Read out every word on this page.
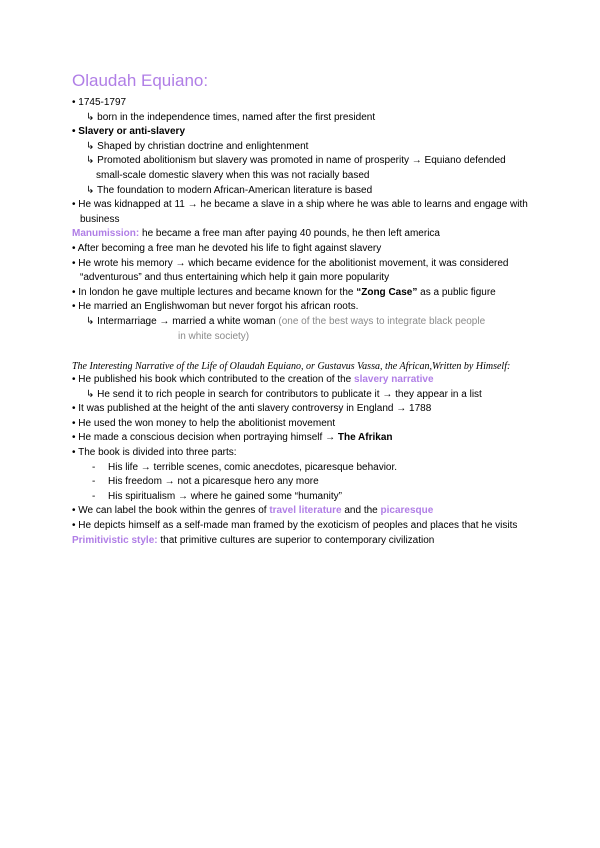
Olaudah Equiano:
• 1745-1797
↳ born in the independence times, named after the first president
• Slavery or anti-slavery
↳ Shaped by christian doctrine and enlightenment
↳ Promoted abolitionism but slavery was promoted in name of prosperity → Equiano defended small-scale domestic slavery when this was not racially based
↳ The foundation to modern African-American literature is based
• He was kidnapped at 11 → he became a slave in a ship where he was able to learns and engage with business
Manumission: he became a free man after paying 40 pounds, he then left america
• After becoming a free man he devoted his life to fight against slavery
• He wrote his memory → which became evidence for the abolitionist movement, it was considered “adventurous” and thus entertaining which help it gain more popularity
• In london he gave multiple lectures and became known for the “Zong Case” as a public figure
• He married an Englishwoman but never forgot his african roots.
↳ Intermarriage → married a white woman (one of the best ways to integrate black people
in white society)
The Interesting Narrative of the Life of Olaudah Equiano, or Gustavus Vassa, the African,Written by Himself:
• He published his book which contributed to the creation of the slavery narrative
↳ He send it to rich people in search for contributors to publicate it → they appear in a list
• It was published at the height of the anti slavery controversy in England → 1788
• He used the won money to help the abolitionist movement
• He made a conscious decision when portraying himself → The Afrikan
• The book is divided into three parts:
- His life → terrible scenes, comic anecdotes, picaresque behavior.
- His freedom → not a picaresque hero any more
- His spiritualism → where he gained some “humanity”
• We can label the book within the genres of travel literature and the picaresque
• He depicts himself as a self-made man framed by the exoticism of peoples and places that he visits
Primitivistic style: that primitive cultures are superior to contemporary civilization
